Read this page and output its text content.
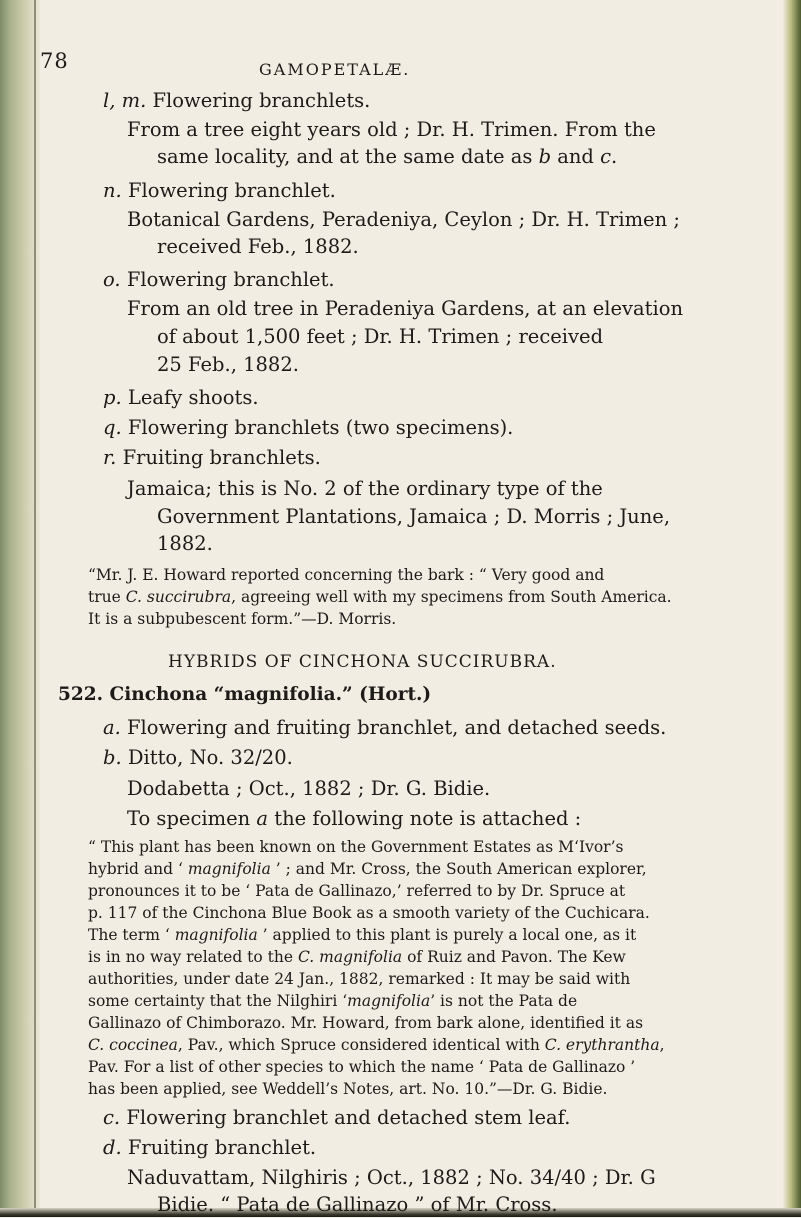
78	GAMOPETALÆ.
l, m. Flowering branchlets.
From a tree eight years old ; Dr. H. Trimen. From the
same locality, and at the same date as b and c.
n. Flowering branchlet.
Botanical Gardens, Peradeniya, Ceylon ; Dr. H. Trimen ;
received Feb., 1882.
o. Flowering branchlet.
From an old tree in Peradeniya Gardens, at an elevation
of about 1,500 feet ; Dr. H. Trimen ; received
25 Feb., 1882.
p. Leafy shoots.
q. Flowering branchlets (two specimens).
r. Fruiting branchlets.
Jamaica; this is No. 2 of the ordinary type of the
Government Plantations, Jamaica ; D. Morris ; June,
1882.
“Mr. J. E. Howard reported concerning the bark : “ Very good and
true C. succirubra, agreeing well with my specimens from South America.
It is a subpubescent form.”—D. Morris.
HYBRIDS OF CINCHONA SUCCIRUBRA.
522. Cinchona “magnifolia.” (Hort.)
a. Flowering and fruiting branchlet, and detached seeds.
b. Ditto, No. 32/20.
Dodabetta ; Oct., 1882 ; Dr. G. Bidie.
To specimen a the following note is attached :
“ This plant has been known on the Government Estates as M‘Ivor’s
hybrid and ‘ magnifolia ’ ; and Mr. Cross, the South American explorer,
pronounces it to be ‘ Pata de Gallinazo,’ referred to by Dr. Spruce at
p. 117 of the Cinchona Blue Book as a smooth variety of the Cuchicara.
The term ‘ magnifolia ’ applied to this plant is purely a local one, as it
is in no way related to the C. magnifolia of Ruiz and Pavon. The Kew
authorities, under date 24 Jan., 1882, remarked : It may be said with
some certainty that the Nilghiri ‘magnifolia’ is not the Pata de
Gallinazo of Chimborazo. Mr. Howard, from bark alone, identified it as
C. coccinea, Pav., which Spruce considered identical with C. erythrantha,
Pav. For a list of other species to which the name ‘ Pata de Gallinazo ’
has been applied, see Weddell’s Notes, art. No. 10.”—Dr. G. Bidie.
c. Flowering branchlet and detached stem leaf.
d. Fruiting branchlet.
Naduvattam, Nilghiris ; Oct., 1882 ; No. 34/40 ; Dr. G
Bidie. “ Pata de Gallinazo ” of Mr. Cross.
